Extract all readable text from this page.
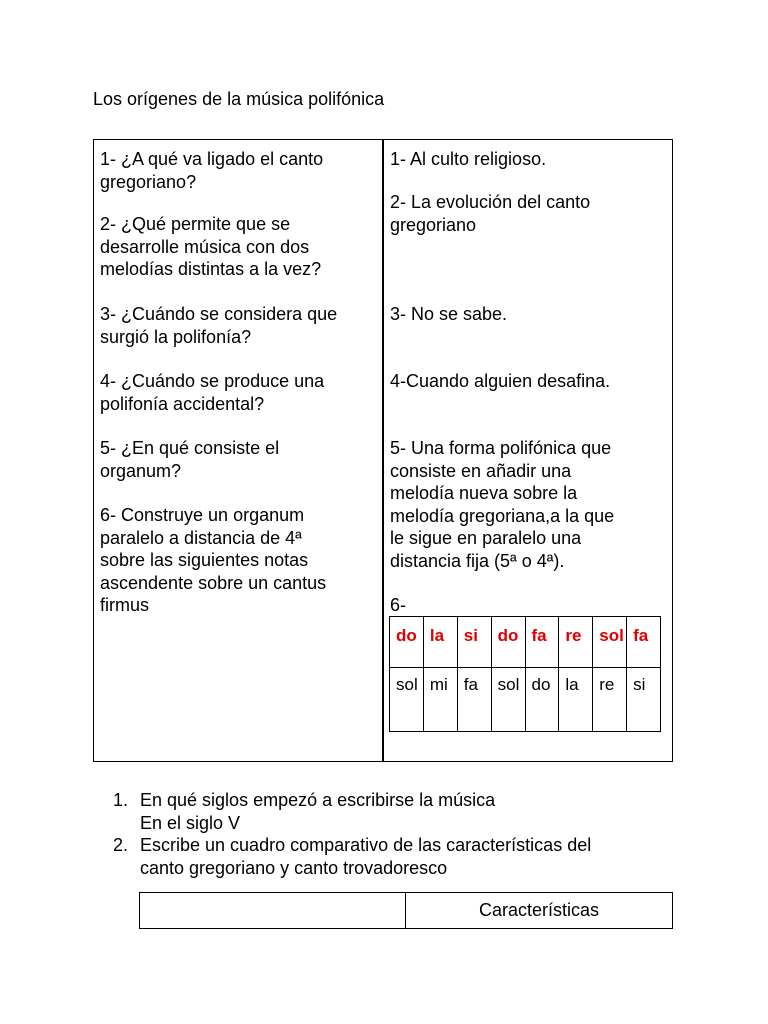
Los orígenes de la música polifónica
1- ¿A qué va ligado el canto
gregoriano?
2- ¿Qué permite que se
desarrolle música con dos
melodías distintas a la vez?
3- ¿Cuándo se considera que
surgió la polifonía?
4- ¿Cuándo se produce una
polifonía accidental?
5- ¿En qué consiste el
organum?
6- Construye un organum
paralelo a distancia de 4ª
sobre las siguientes notas
ascendente sobre un cantus
firmus
1- Al culto religioso.
2- La evolución del canto
gregoriano
3- No se sabe.
4-Cuando alguien desafina.
5- Una forma polifónica que
consiste en añadir una
melodía nueva sobre la
melodía gregoriana,a la que
le sigue en paralelo una
distancia fija (5ª o 4ª).
6-
do	la	si	do	fa	re	sol	fa
sol	mi	fa	sol	do	la	re	si
1. En qué siglos empezó a escribirse la música
En el siglo V
2. Escribe un cuadro comparativo de las características del
canto gregoriano y canto trovadoresco
	Características
